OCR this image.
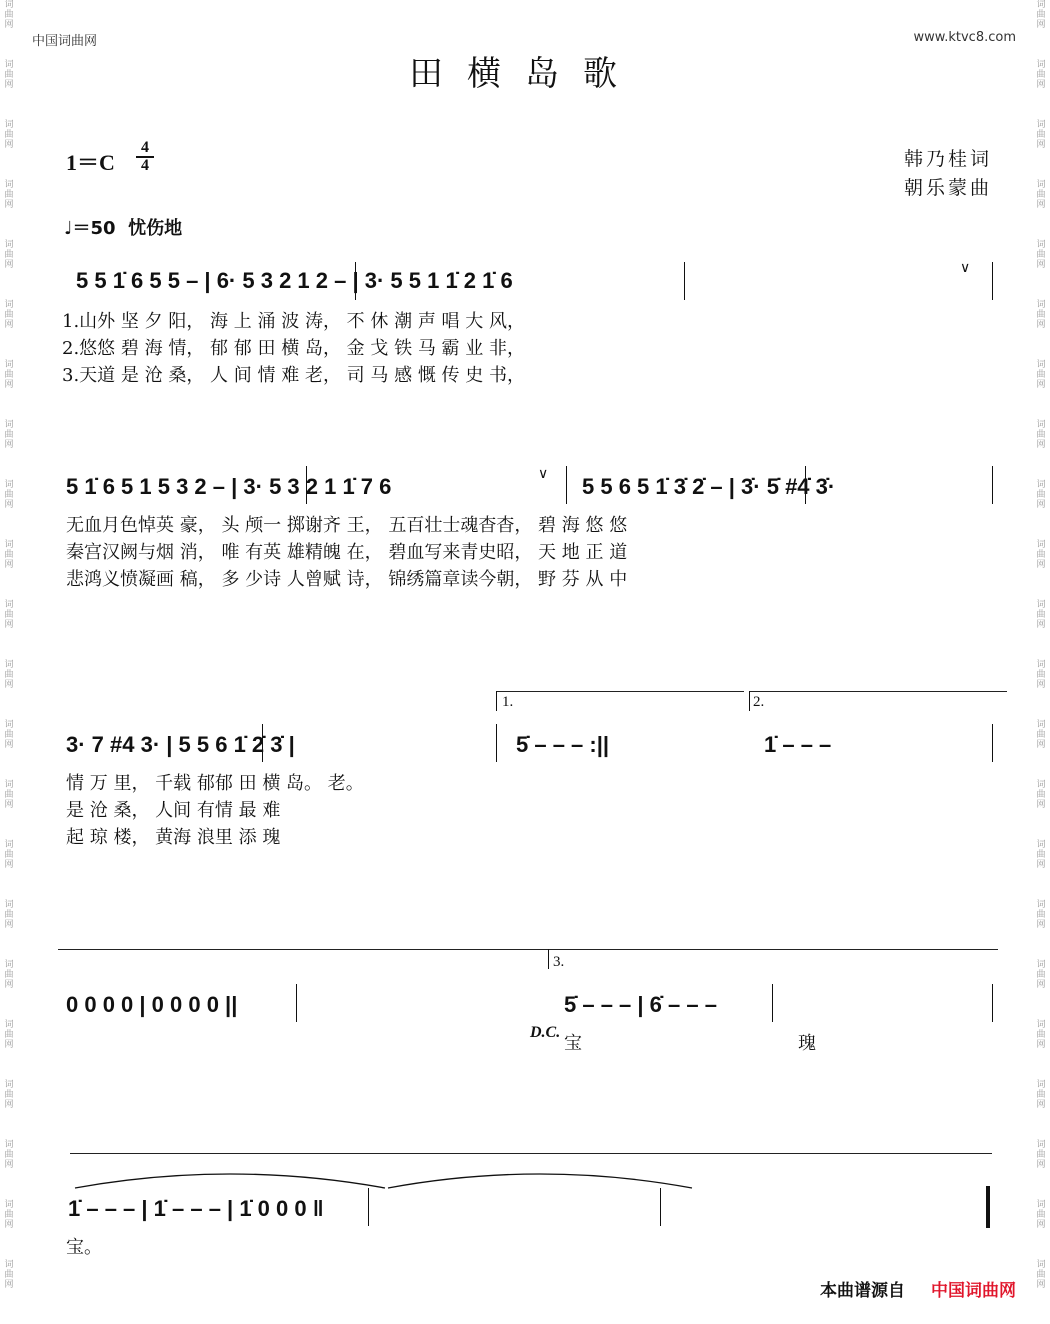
词曲网
词曲网
词曲网
词曲网
词曲网
词曲网
词曲网
词曲网
词曲网
词曲网
词曲网
词曲网
词曲网
词曲网
词曲网
词曲网
词曲网
词曲网
词曲网
词曲网
词曲网
词曲网
词曲网
词曲网
词曲网
词曲网
词曲网
词曲网
词曲网
词曲网
词曲网
词曲网
词曲网
词曲网
词曲网
词曲网
词曲网
词曲网
词曲网
词曲网
词曲网
词曲网
词曲网
词曲网
中国词曲网	www.ktvc8.com
田横岛歌
$1=C \frac{4}{4}$	韩乃桂词
朝乐蒙曲
♩＝50 忧伤地
5 5 1̇ 6 5 5 – | 6· 5 3 2 1 2 – | 3· 5 5 1 1̇ 2 1̇ 6	∨
1.山外 坚 夕 阳， 海 上 涌 波 涛， 不 休 潮 声 唱 大 风，
2.悠悠 碧 海 情， 郁 郁 田 横 岛， 金 戈 铁 马 霸 业 非，
3.天道 是 沧 桑， 人 间 情 难 老， 司 马 感 慨 传 史 书，
5 1̇ 6 5 1 5 3 2 – | 3· 5 3 2 1 1̇ 7 6	∨ 5 5 6 5 1̇ 3̇ 2̇ – | 3̇· 5̇ #4̇ 3̇·
无血月色悼英 豪， 头 颅一 掷谢齐 王， 五百壮士魂杳杳， 碧 海 悠 悠
秦宫汉阙与烟 消， 唯 有英 雄精魄 在， 碧血写来青史昭， 天 地 正 道
悲鸿义愤凝画 稿， 多 少诗 人曾赋 诗， 锦绣篇章读今朝， 野 芬 从 中
1.	2.
3· 7 #4 3· | 5 5 6 1̇ 2̇ 3̇ |	5̇ – – – :||	1̇ – – –
情 万 里， 千载 郁郁 田 横 岛。 老。
是 沧 桑， 人间 有情 最 难
起 琼 楼， 黄海 浪里 添 瑰
3.
0 0 0 0 | 0 0 0 0 ||	5̇ – – – | 6̇ – – –
D.C.
宝	瑰
1̇ – – – | 1̇ – – – | 1̇ 0 0 0 ‖
宝。
本曲谱源自 中国词曲网
